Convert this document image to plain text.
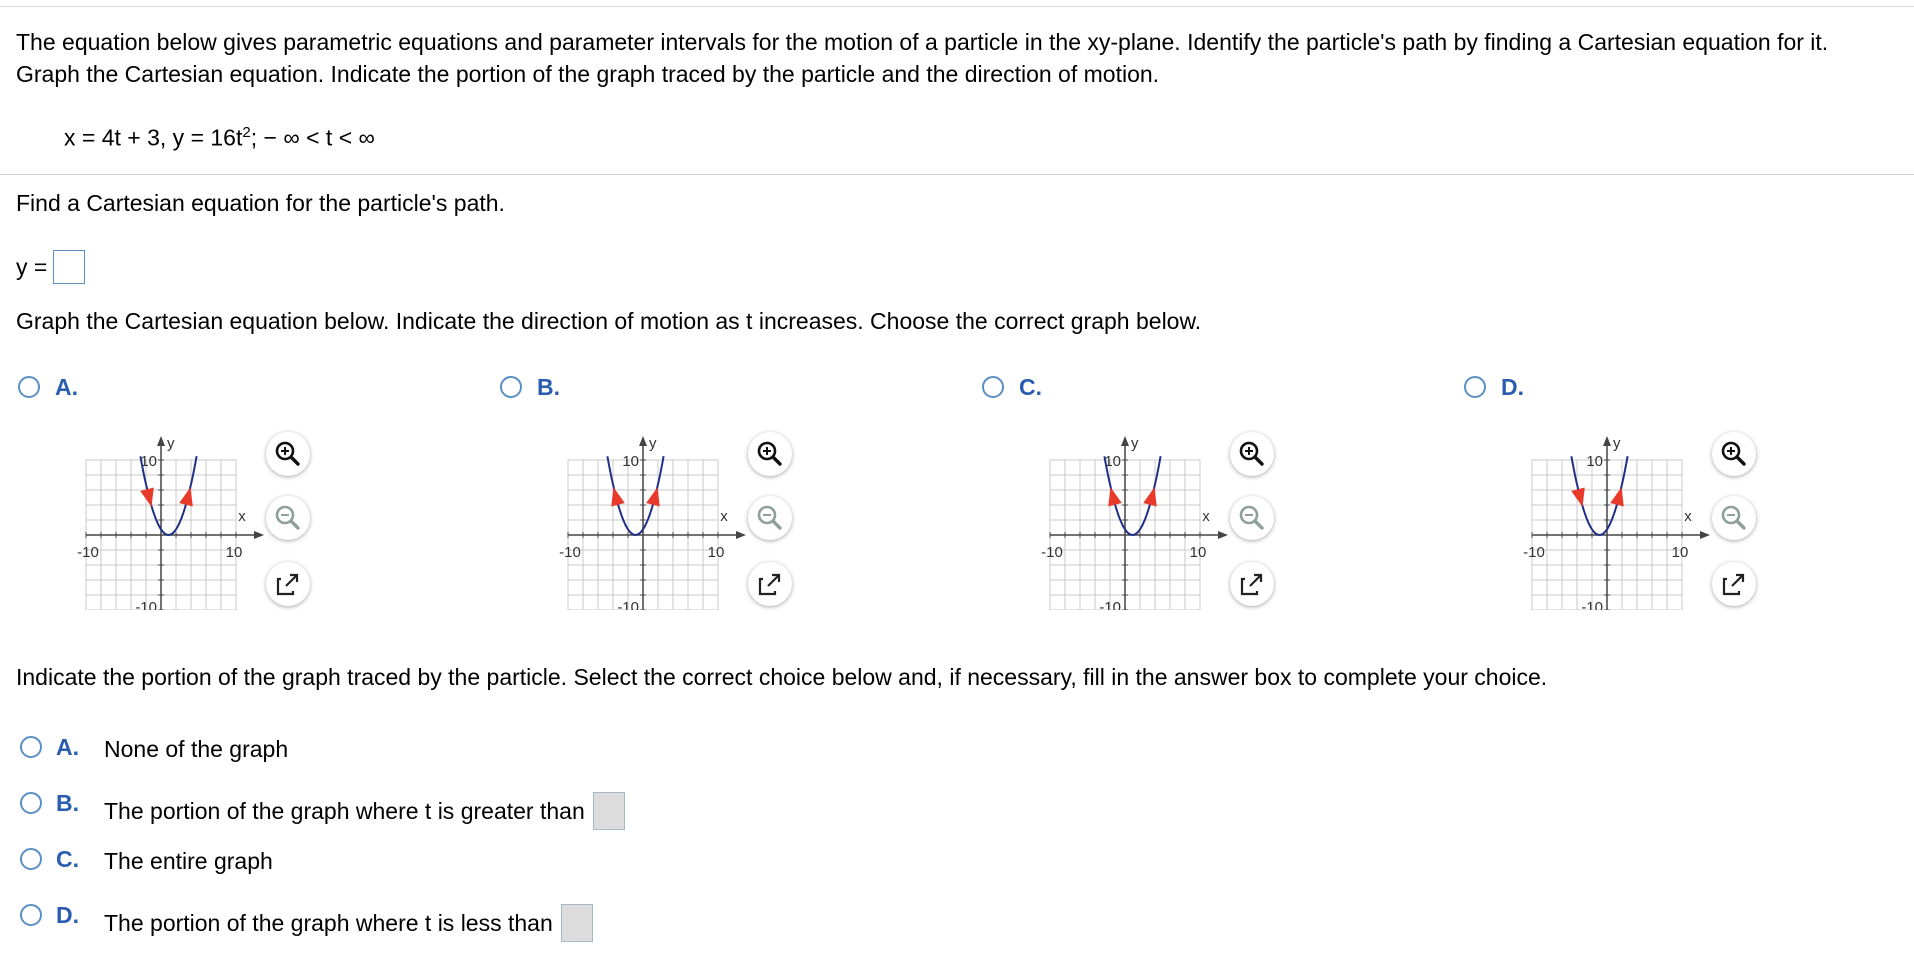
The equation below gives parametric equations and parameter intervals for the motion of a particle in the xy-plane. Identify the particle's path by finding a Cartesian equation for it. Graph the Cartesian equation. Indicate the portion of the graph traced by the particle and the direction of motion.
x = 4t + 3, $y = 16t^2$; − ∞ < t < ∞
Find a Cartesian equation for the particle's path.
y =
Graph the Cartesian equation below. Indicate the direction of motion as t increases. Choose the correct graph below.
A.
y
x
10
-10
-10	10
B.
y
x
10
-10
-10	10
C.
y
x
10
-10
-10	10
D.
y
x
10
-10
-10	10
Indicate the portion of the graph traced by the particle. Select the correct choice below and, if necessary, fill in the answer box to complete your choice.
A. None of the graph
B. The portion of the graph where t is greater than
C. The entire graph
D. The portion of the graph where t is less than
